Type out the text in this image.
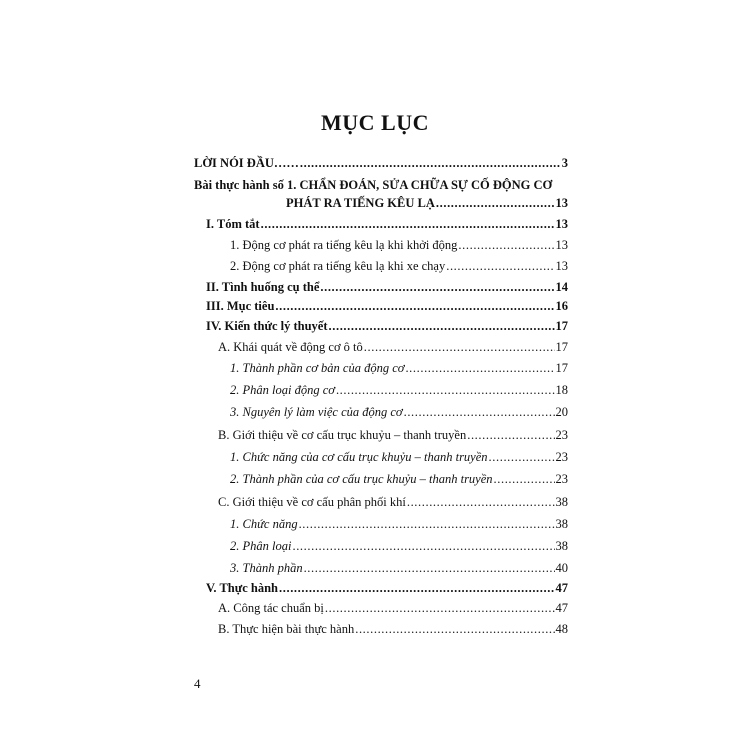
MỤC LỤC
LỜI NÓI ĐẦU…… .....	3
Bài thực hành số 1. CHẨN ĐOÁN, SỬA CHỮA SỰ CỐ ĐỘNG CƠ
PHÁT RA TIẾNG KÊU LẠ .....	13
I. Tóm tắt .....	13
1. Động cơ phát ra tiếng kêu lạ khi khởi động .....	13
2. Động cơ phát ra tiếng kêu lạ khi xe chạy .....	13
II. Tình huống cụ thể .....	14
III. Mục tiêu .....	16
IV. Kiến thức lý thuyết .....	17
A. Khái quát về động cơ ô tô .....	17
1. Thành phần cơ bản của động cơ .....	17
2. Phân loại động cơ .....	18
3. Nguyên lý làm việc của động cơ .....	20
B. Giới thiệu về cơ cấu trục khuỷu – thanh truyền .....	23
1. Chức năng của cơ cấu trục khuỷu – thanh truyền .....	23
2. Thành phần của cơ cấu trục khuỷu – thanh truyền .....	23
C. Giới thiệu về cơ cấu phân phối khí .....	38
1. Chức năng .....	38
2. Phân loại .....	38
3. Thành phần .....	40
V. Thực hành .....	47
A. Công tác chuẩn bị .....	47
B. Thực hiện bài thực hành .....	48
4
